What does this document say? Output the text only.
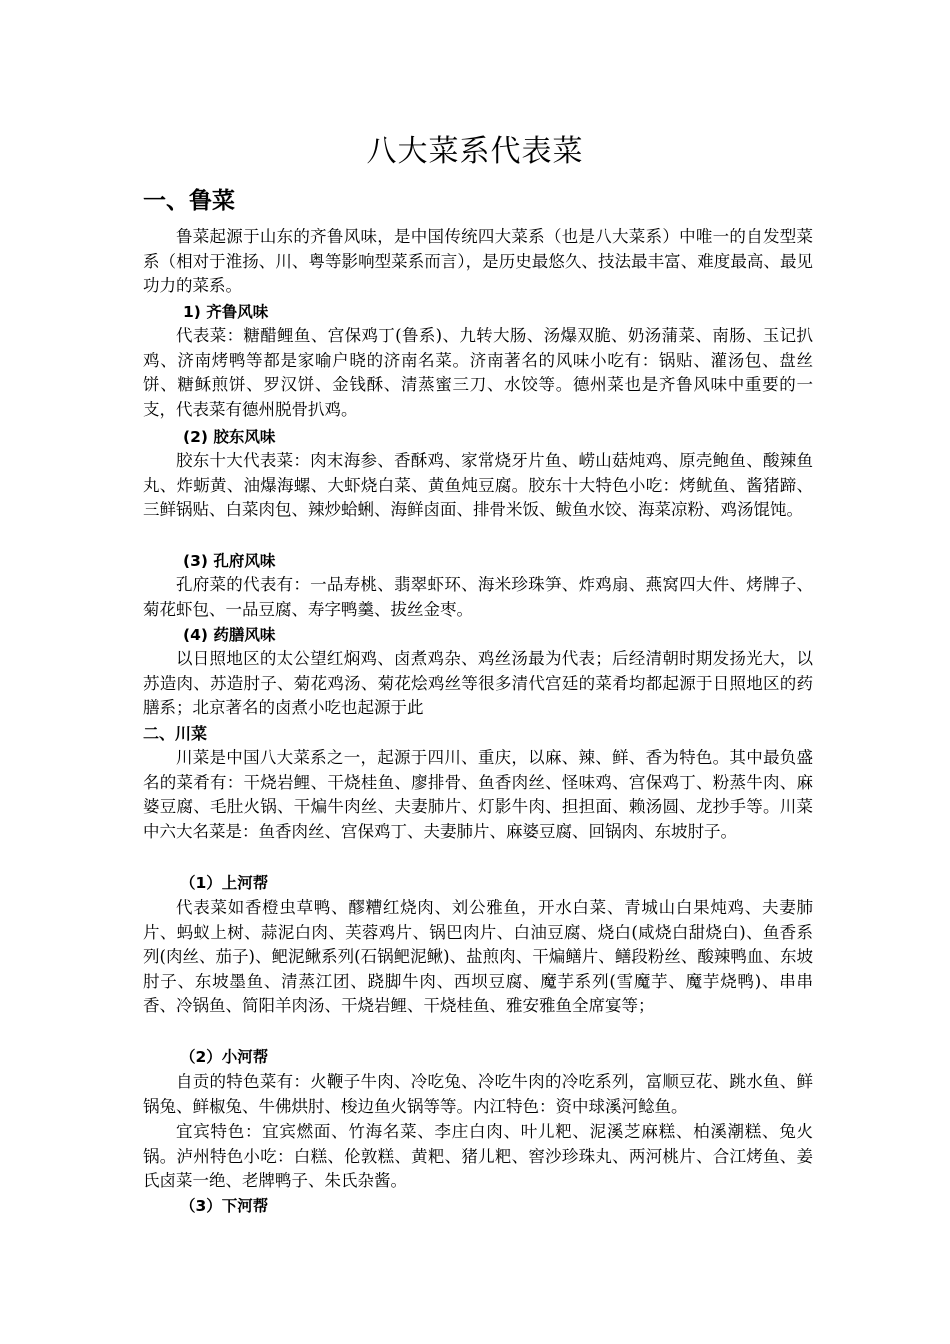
八大菜系代表菜
一、鲁菜
鲁菜起源于山东的齐鲁风味，是中国传统四大菜系（也是八大菜系）中唯一的自发型菜系（相对于淮扬、川、粤等影响型菜系而言），是历史最悠久、技法最丰富、难度最高、最见功力的菜系。
1) 齐鲁风味
代表菜：糖醋鲤鱼、宫保鸡丁(鲁系)、九转大肠、汤爆双脆、奶汤蒲菜、南肠、玉记扒鸡、济南烤鸭等都是家喻户晓的济南名菜。济南著名的风味小吃有：锅贴、灌汤包、盘丝饼、糖稣煎饼、罗汉饼、金钱酥、清蒸蜜三刀、水饺等。德州菜也是齐鲁风味中重要的一支，代表菜有德州脱骨扒鸡。
(2) 胶东风味
胶东十大代表菜：肉末海参、香酥鸡、家常烧牙片鱼、崂山菇炖鸡、原壳鲍鱼、酸辣鱼丸、炸蛎黄、油爆海螺、大虾烧白菜、黄鱼炖豆腐。胶东十大特色小吃：烤鱿鱼、酱猪蹄、三鲜锅贴、白菜肉包、辣炒蛤蜊、海鲜卤面、排骨米饭、鲅鱼水饺、海菜凉粉、鸡汤馄饨。
(3) 孔府风味
孔府菜的代表有：一品寿桃、翡翠虾环、海米珍珠笋、炸鸡扇、燕窝四大件、烤牌子、菊花虾包、一品豆腐、寿字鸭羹、拔丝金枣。
(4) 药膳风味
以日照地区的太公望红焖鸡、卤煮鸡杂、鸡丝汤最为代表；后经清朝时期发扬光大，以苏造肉、苏造肘子、菊花鸡汤、菊花烩鸡丝等很多清代宫廷的菜肴均都起源于日照地区的药膳系；北京著名的卤煮小吃也起源于此
二、川菜
川菜是中国八大菜系之一，起源于四川、重庆，以麻、辣、鲜、香为特色。其中最负盛名的菜肴有：干烧岩鲤、干烧桂鱼、廖排骨、鱼香肉丝、怪味鸡、宫保鸡丁、粉蒸牛肉、麻婆豆腐、毛肚火锅、干煸牛肉丝、夫妻肺片、灯影牛肉、担担面、赖汤圆、龙抄手等。川菜中六大名菜是：鱼香肉丝、宫保鸡丁、夫妻肺片、麻婆豆腐、回锅肉、东坡肘子。
（1）上河帮
代表菜如香橙虫草鸭、醪糟红烧肉、刘公雅鱼，开水白菜、青城山白果炖鸡、夫妻肺片、蚂蚁上树、蒜泥白肉、芙蓉鸡片、锅巴肉片、白油豆腐、烧白(咸烧白甜烧白)、鱼香系列(肉丝、茄子)、鲃泥鳅系列(石锅鲃泥鳅)、盐煎肉、干煸鳝片、鳝段粉丝、酸辣鸭血、东坡肘子、东坡墨鱼、清蒸江团、跷脚牛肉、西坝豆腐、魔芋系列(雪魔芋、魔芋烧鸭)、串串香、冷锅鱼、简阳羊肉汤、干烧岩鲤、干烧桂鱼、雅安雅鱼全席宴等；
（2）小河帮
自贡的特色菜有：火鞭子牛肉、冷吃兔、冷吃牛肉的冷吃系列，富顺豆花、跳水鱼、鲜锅兔、鲜椒兔、牛佛烘肘、梭边鱼火锅等等。内江特色：资中球溪河鲶鱼。
宜宾特色：宜宾燃面、竹海名菜、李庄白肉、叶儿粑、泥溪芝麻糕、柏溪潮糕、兔火锅。泸州特色小吃：白糕、伦敦糕、黄粑、猪儿粑、窖沙珍珠丸、两河桃片、合江烤鱼、姜氏卤菜一绝、老牌鸭子、朱氏杂酱。
（3）下河帮
